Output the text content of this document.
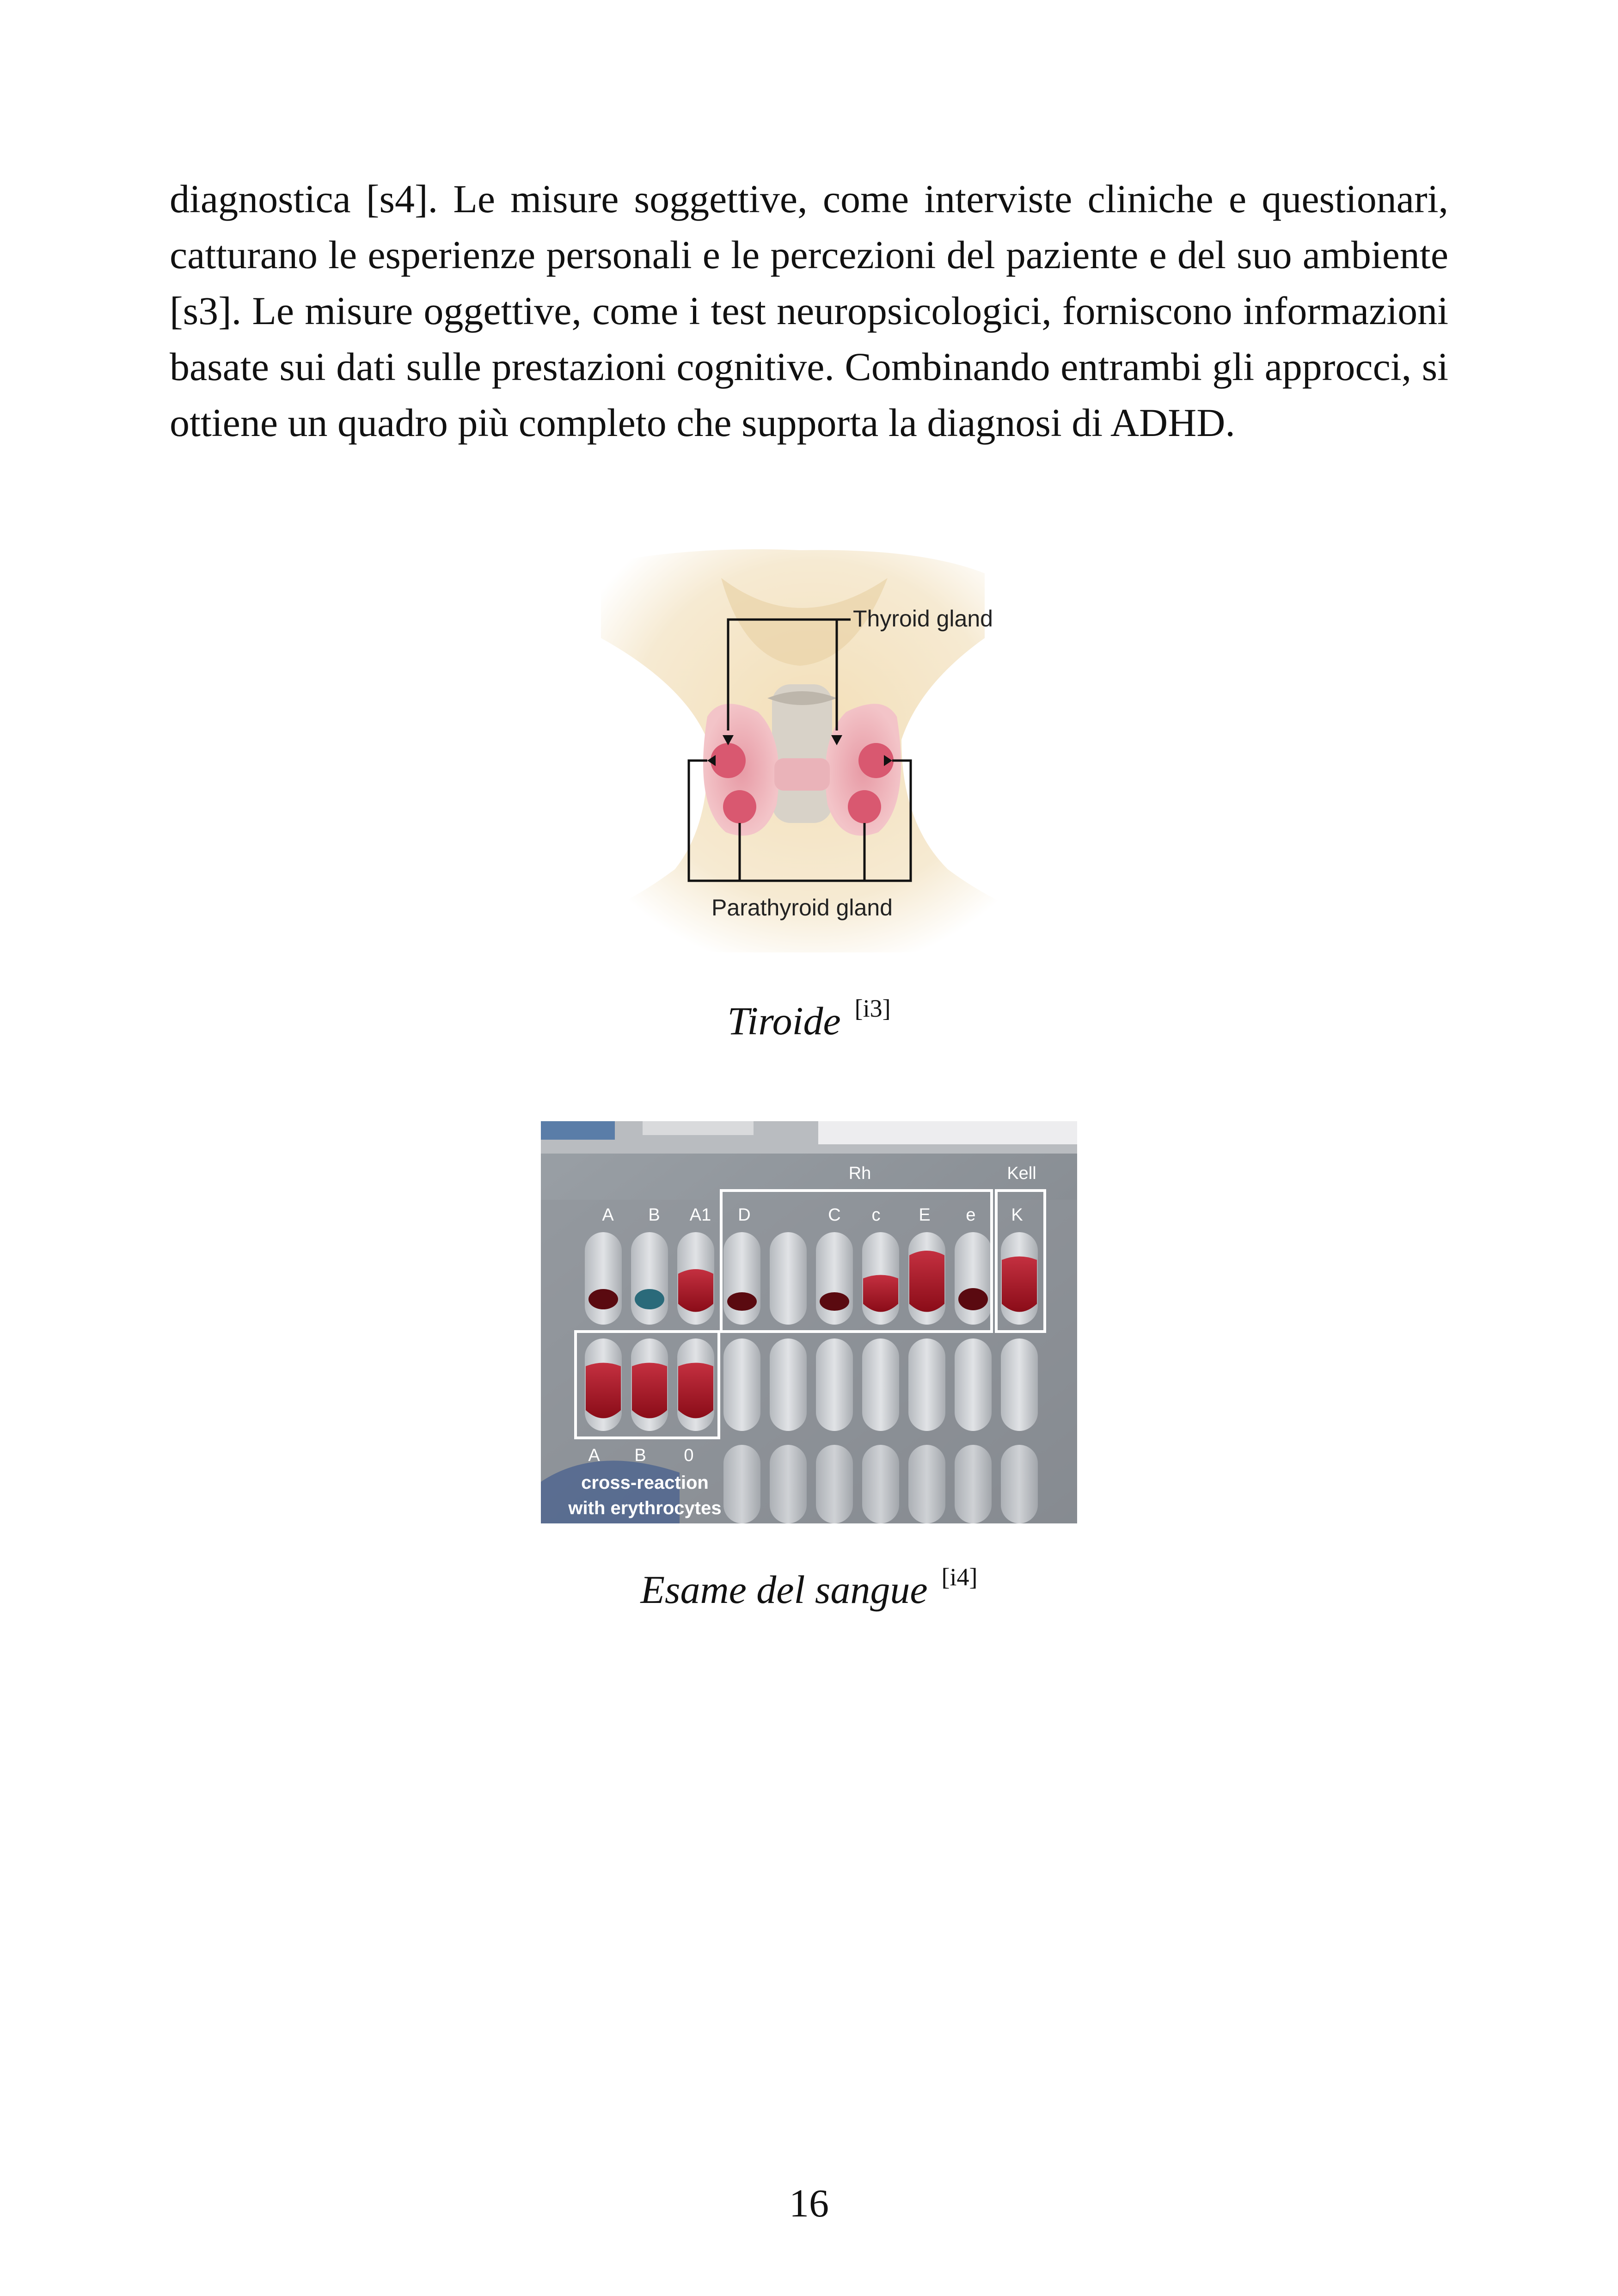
diagnostica [s4]. Le misure soggettive, come interviste cliniche e questionari, catturano le esperienze personali e le percezioni del paziente e del suo ambiente [s3]. Le misure oggettive, come i test neuropsicologici, forniscono informazioni basate sui dati sulle prestazioni cognitive. Combinando entrambi gli approcci, si ottiene un quadro più completo che supporta la diagnosi di ADHD.

Thyroid gland
Parathyroid gland

Tiroide [i3]

Rh	Kell
A B A1 D	C c E e K
A B 0
cross-reaction
with erythrocytes

Esame del sangue [i4]

16
